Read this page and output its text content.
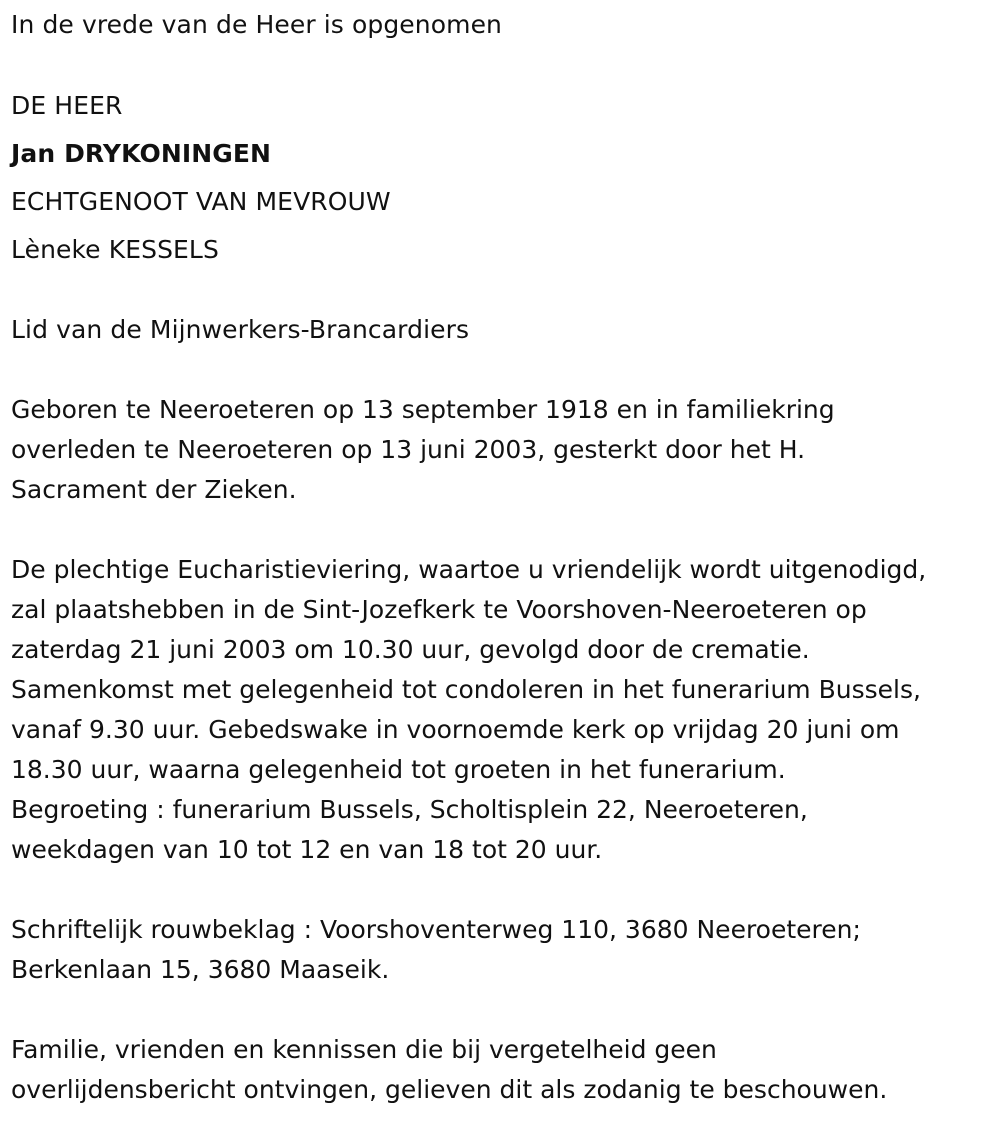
In de vrede van de Heer is opgenomen

DE HEER

Jan DRYKONINGEN

ECHTGENOOT VAN MEVROUW

Lèneke KESSELS

Lid van de Mijnwerkers-Brancardiers

Geboren te Neeroeteren op 13 september 1918 en in familiekring
overleden te Neeroeteren op 13 juni 2003, gesterkt door het H.
Sacrament der Zieken.
De plechtige Eucharistieviering, waartoe u vriendelijk wordt uitgenodigd,
zal plaatshebben in de Sint-Jozefkerk te Voorshoven-Neeroeteren op
zaterdag 21 juni 2003 om 10.30 uur, gevolgd door de crematie.
Samenkomst met gelegenheid tot condoleren in het funerarium Bussels,
vanaf 9.30 uur. Gebedswake in voornoemde kerk op vrijdag 20 juni om
18.30 uur, waarna gelegenheid tot groeten in het funerarium.
Begroeting : funerarium Bussels, Scholtisplein 22, Neeroeteren,
weekdagen van 10 tot 12 en van 18 tot 20 uur.
Schriftelijk rouwbeklag : Voorshoventerweg 110, 3680 Neeroeteren;
Berkenlaan 15, 3680 Maaseik.
Familie, vrienden en kennissen die bij vergetelheid geen
overlijdensbericht ontvingen, gelieven dit als zodanig te beschouwen.
